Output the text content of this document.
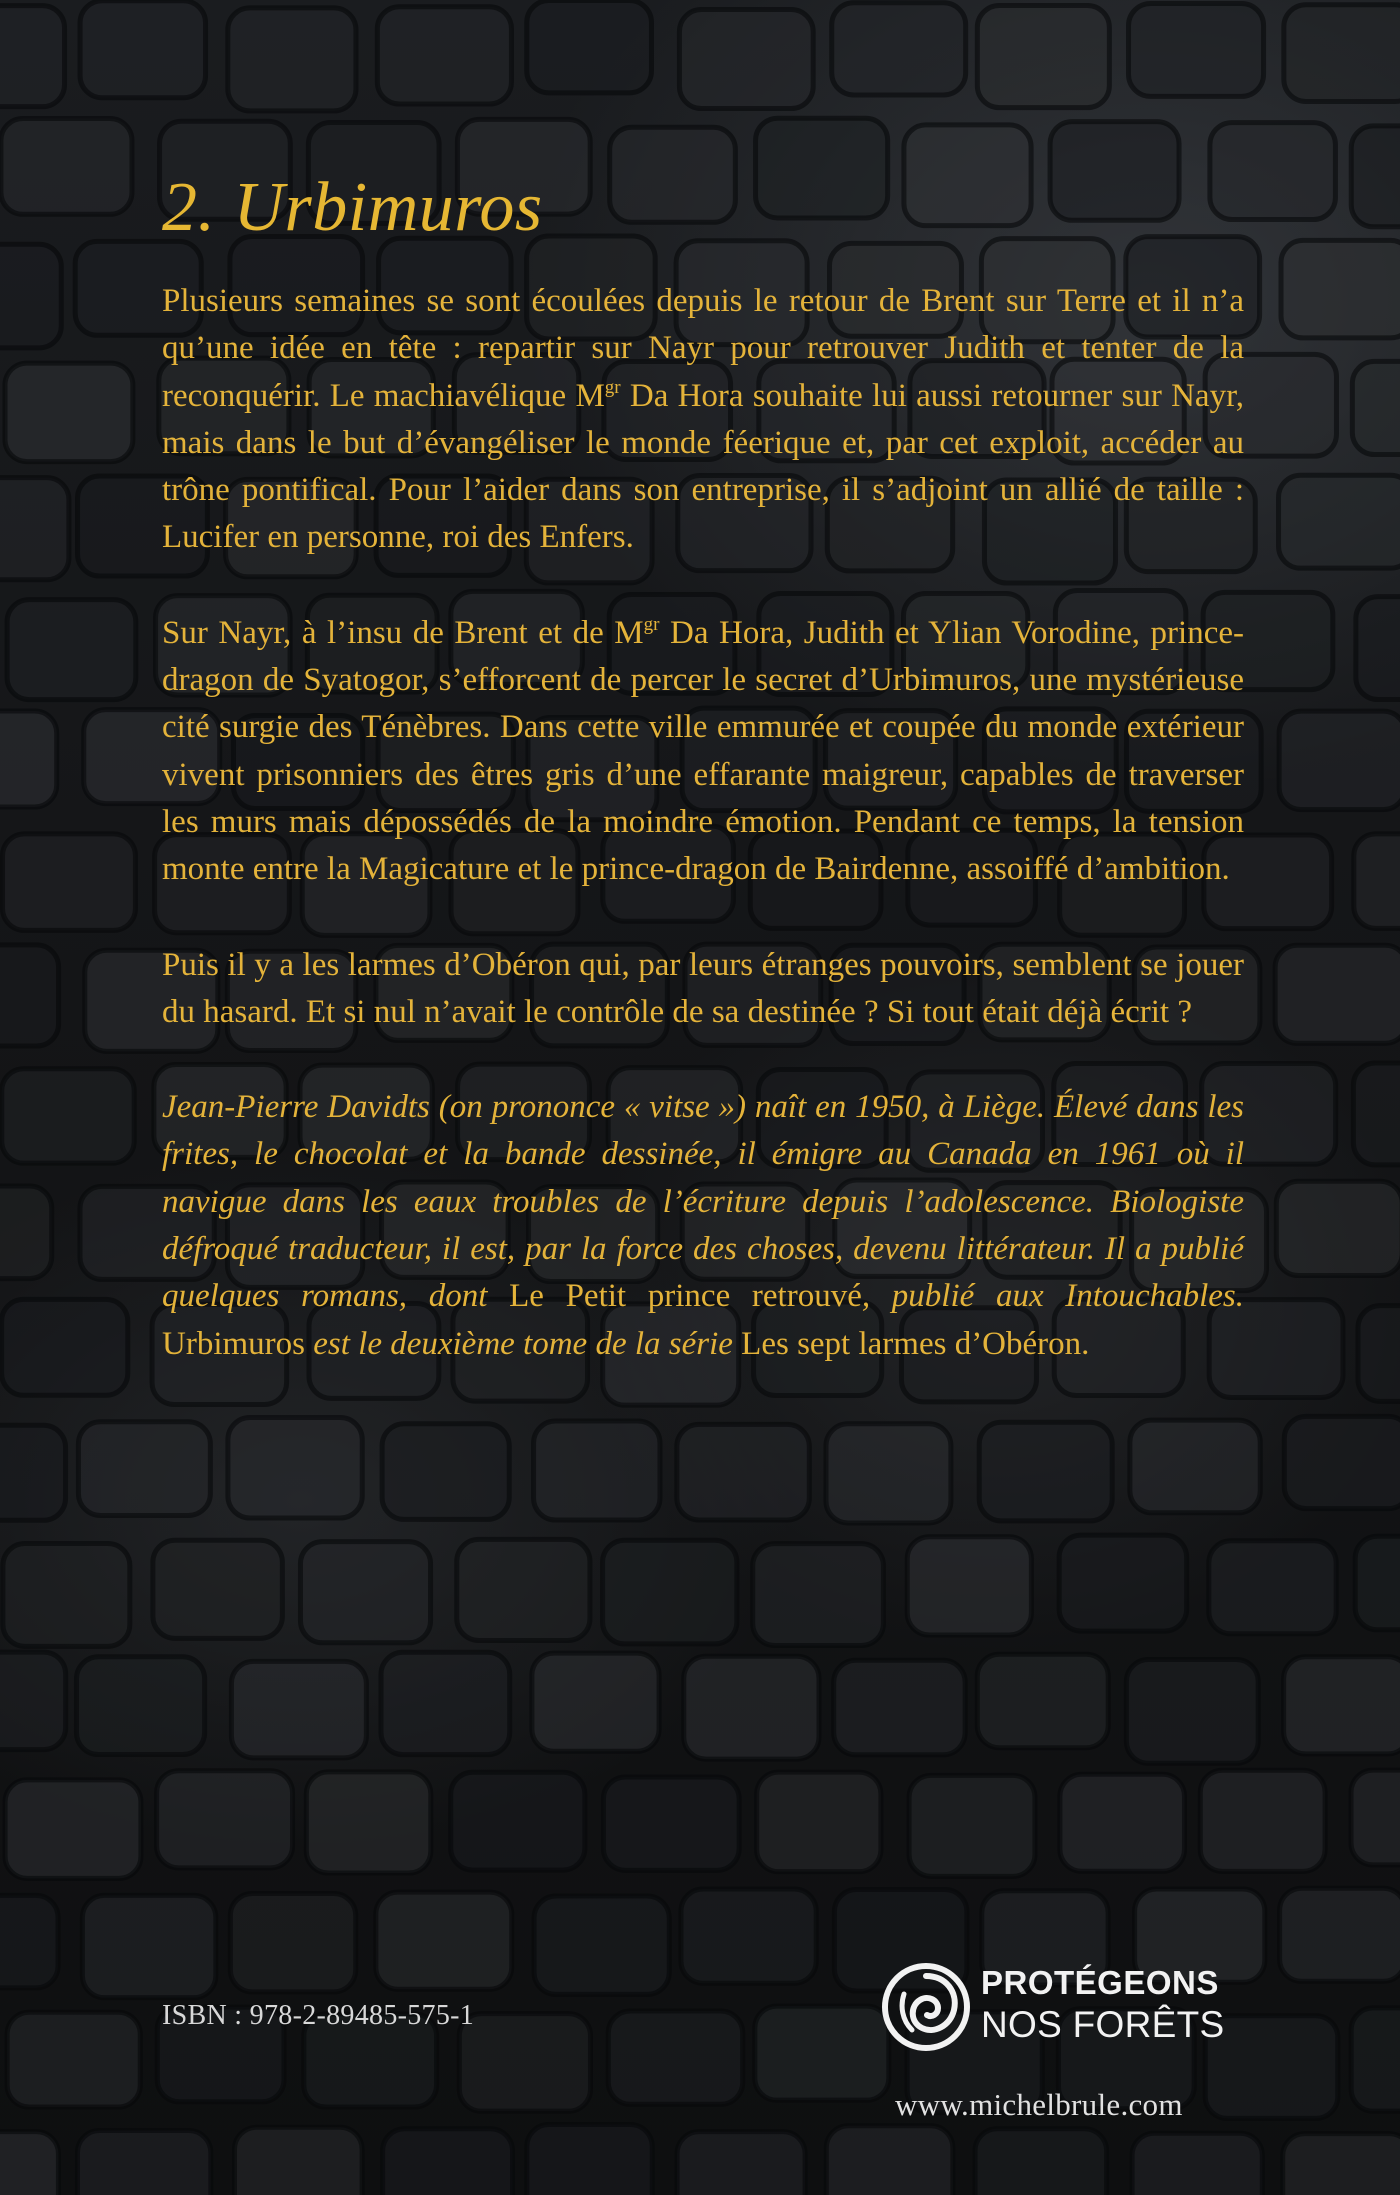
2. Urbimuros

Plusieurs semaines se sont écoulées depuis le retour de Brent sur Terre et il n’a qu’une idée en tête : repartir sur Nayr pour retrouver Judith et tenter de la reconquérir. Le machiavélique $M^{gr}$ Da Hora souhaite lui aussi retourner sur Nayr, mais dans le but d’évangéliser le monde féerique et, par cet exploit, accéder au trône pontifical. Pour l’aider dans son entreprise, il s’adjoint un allié de taille : Lucifer en personne, roi des Enfers.

Sur Nayr, à l’insu de Brent et de $M^{gr}$ Da Hora, Judith et Ylian Vorodine, prince-dragon de Syatogor, s’efforcent de percer le secret d’Urbimuros, une mystérieuse cité surgie des Ténèbres. Dans cette ville emmurée et coupée du monde extérieur vivent prisonniers des êtres gris d’une effarante maigreur, capables de traverser les murs mais dépossédés de la moindre émotion. Pendant ce temps, la tension monte entre la Magicature et le prince-dragon de Bairdenne, assoiffé d’ambition.

Puis il y a les larmes d’Obéron qui, par leurs étranges pouvoirs, semblent se jouer du hasard. Et si nul n’avait le contrôle de sa destinée ? Si tout était déjà écrit ?

Jean-Pierre Davidts (on prononce « vitse ») naît en 1950, à Liège. Élevé dans les frites, le chocolat et la bande dessinée, il émigre au Canada en 1961 où il navigue dans les eaux troubles de l’écriture depuis l’adolescence. Biologiste défroqué traducteur, il est, par la force des choses, devenu littérateur. Il a publié quelques romans, dont Le Petit prince retrouvé, publié aux Intouchables. Urbimuros est le deuxième tome de la série Les sept larmes d’Obéron.

ISBN : 978-2-89485-575-1
PROTÉGEONS
NOS FORÊTS
www.michelbrule.com
